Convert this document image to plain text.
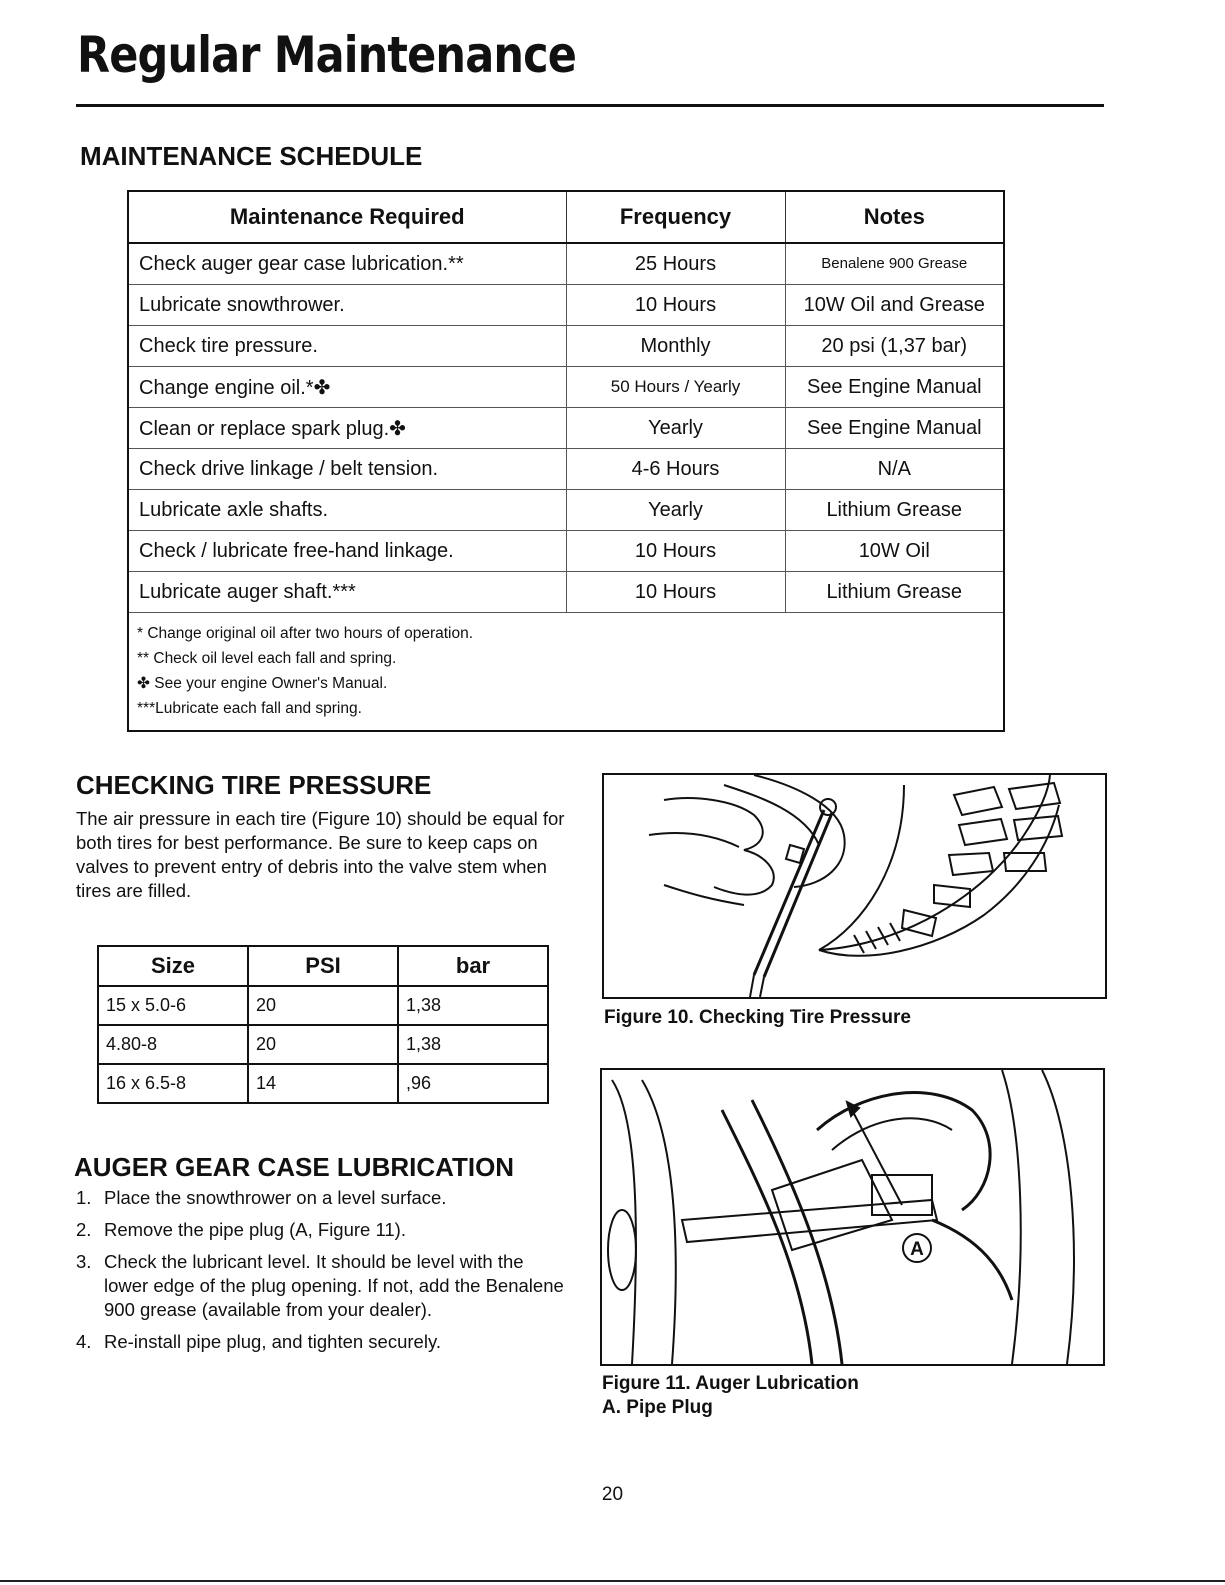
Regular Maintenance
MAINTENANCE SCHEDULE
Maintenance Required	Frequency	Notes
Check auger gear case lubrication.**	25 Hours	Benalene 900 Grease
Lubricate snowthrower.	10 Hours	10W Oil and Grease
Check tire pressure.	Monthly	20 psi (1,37 bar)
Change engine oil.*✤	50 Hours / Yearly	See Engine Manual
Clean or replace spark plug.✤	Yearly	See Engine Manual
Check drive linkage / belt tension.	4-6 Hours	N/A
Lubricate axle shafts.	Yearly	Lithium Grease
Check / lubricate free-hand linkage.	10 Hours	10W Oil
Lubricate auger shaft.***	10 Hours	Lithium Grease
* Change original oil after two hours of operation.
** Check oil level each fall and spring.
✤ See your engine Owner's Manual.
***Lubricate each fall and spring.
CHECKING TIRE PRESSURE
The air pressure in each tire (Figure 10) should be equal for both tires for best performance. Be sure to keep caps on valves to prevent entry of debris into the valve stem when tires are filled.
Size	PSI	bar
15 x 5.0-6	20	1,38
4.80-8	20	1,38
16 x 6.5-8	14	,96
AUGER GEAR CASE LUBRICATION
1. Place the snowthrower on a level surface.
2. Remove the pipe plug (A, Figure 11).
3. Check the lubricant level. It should be level with the lower edge of the plug opening. If not, add the Benalene 900 grease (available from your dealer).
4. Re-install pipe plug, and tighten securely.
Figure 10. Checking Tire Pressure
A
Figure 11. Auger Lubrication
A. Pipe Plug
20
